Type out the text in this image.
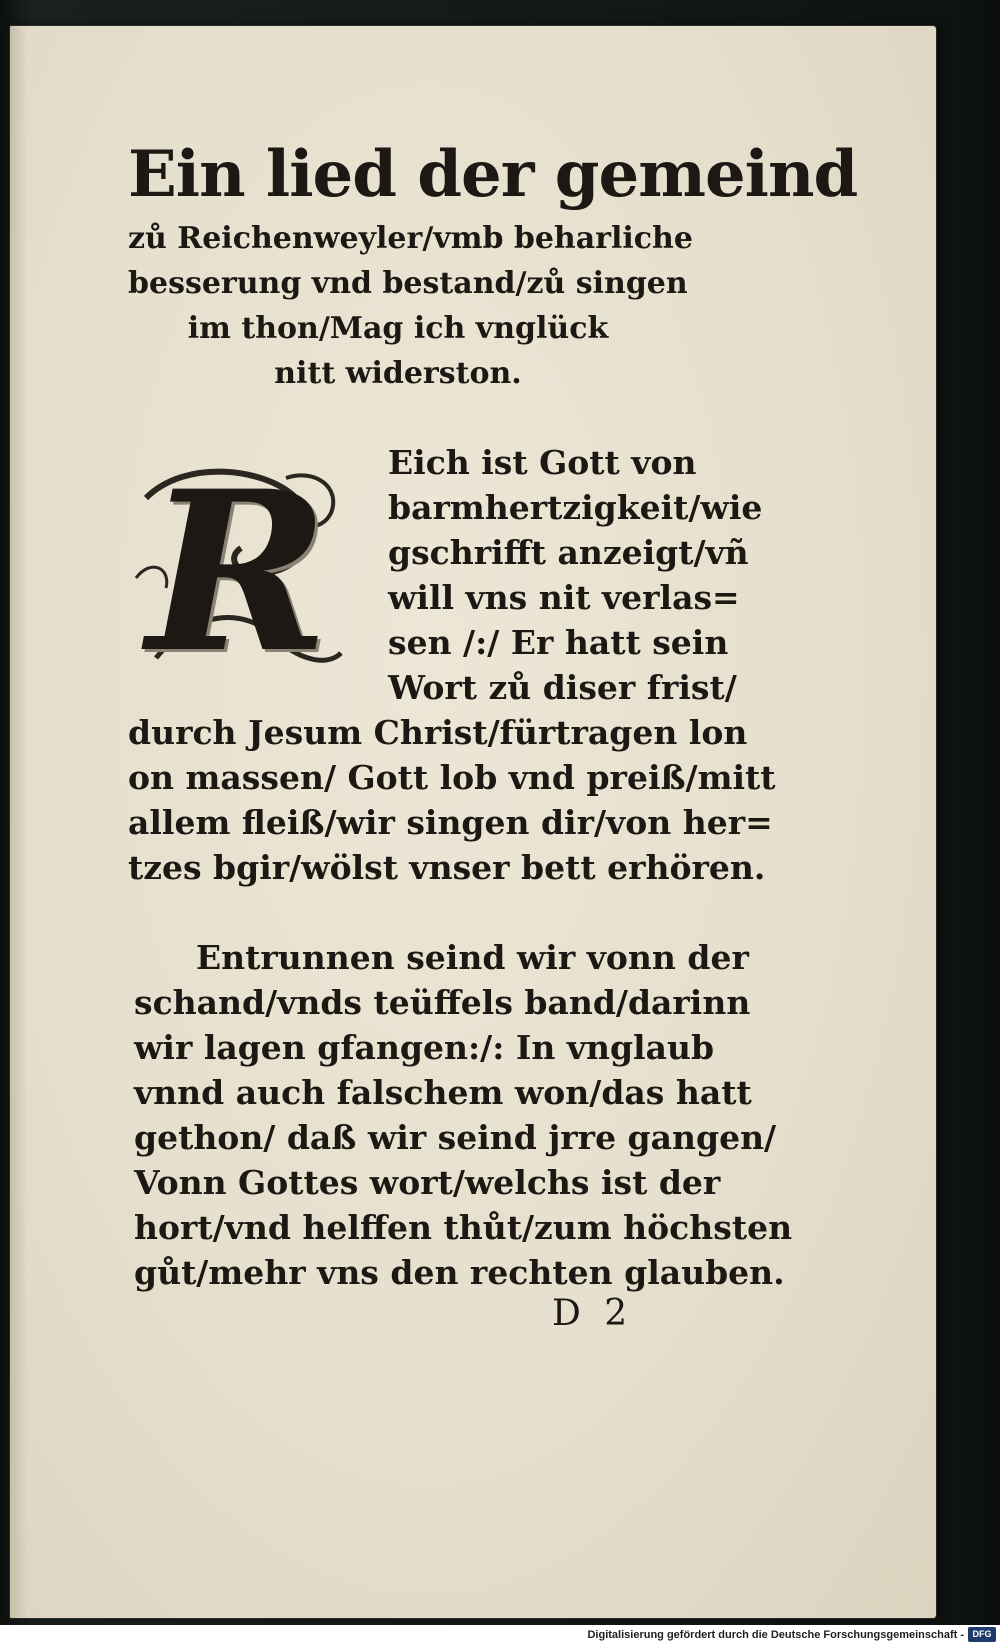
Ein lied der gemeind
zů Reichenweyler/vmb beharliche
besserung vnd bestand/zů singen
im thon/Mag ich vnglück
nitt widerston.
R	Eich ist Gott von
barmhertzigkeit/wie
gschrifft anzeigt/vñ
will vns nit verlas=
sen /:/ Er hatt sein
Wort zů diser frist/
durch Jesum Christ/fürtragen lon
on massen/ Gott lob vnd preiß/mitt
allem fleiß/wir singen dir/von her=
tzes bgir/wölst vnser bett erhören.
Entrunnen seind wir vonn der
schand/vnds teüffels band/darinn
wir lagen gfangen:/: In vnglaub
vnnd auch falschem won/das hatt
gethon/ daß wir seind jrre gangen/
Vonn Gottes wort/welchs ist der
hort/vnd helffen thůt/zum höchsten
gůt/mehr vns den rechten glauben.
D 2
Digitalisierung gefördert durch die Deutsche Forschungsgemeinschaft - DFG
